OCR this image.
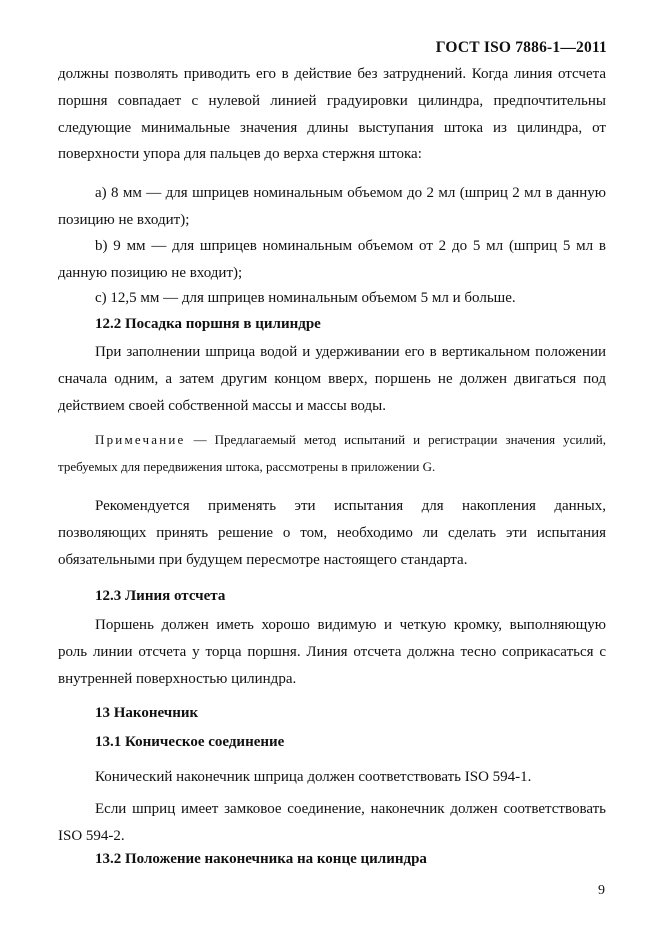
ГОСТ ISO 7886-1—2011

должны позволять приводить его в действие без затруднений. Когда линия отсчета поршня совпадает с нулевой линией градуировки цилиндра, предпочтительны следующие минимальные значения длины выступания штока из цилиндра, от поверхности упора для пальцев до верха стержня штока:

а) 8 мм — для шприцев номинальным объемом до 2 мл (шприц 2 мл в данную позицию не входит);

b) 9 мм — для шприцев номинальным объемом от 2 до 5 мл (шприц 5 мл в данную позицию не входит);

с) 12,5 мм — для шприцев номинальным объемом 5 мл и больше.

12.2 Посадка поршня в цилиндре

При заполнении шприца водой и удерживании его в вертикальном положении сначала одним, а затем другим концом вверх, поршень не должен двигаться под действием своей собственной массы и массы воды.

Примечание — Предлагаемый метод испытаний и регистрации значения усилий, требуемых для передвижения штока, рассмотрены в приложении G.

Рекомендуется применять эти испытания для накопления данных, позволяющих принять решение о том, необходимо ли сделать эти испытания обязательными при будущем пересмотре настоящего стандарта.

12.3 Линия отсчета

Поршень должен иметь хорошо видимую и четкую кромку, выполняющую роль линии отсчета у торца поршня. Линия отсчета должна тесно соприкасаться с внутренней поверхностью цилиндра.

13 Наконечник
13.1 Коническое соединение

Конический наконечник шприца должен соответствовать ISO 594-1.

Если шприц имеет замковое соединение, наконечник должен соответствовать ISO 594-2.

13.2 Положение наконечника на конце цилиндра
9
